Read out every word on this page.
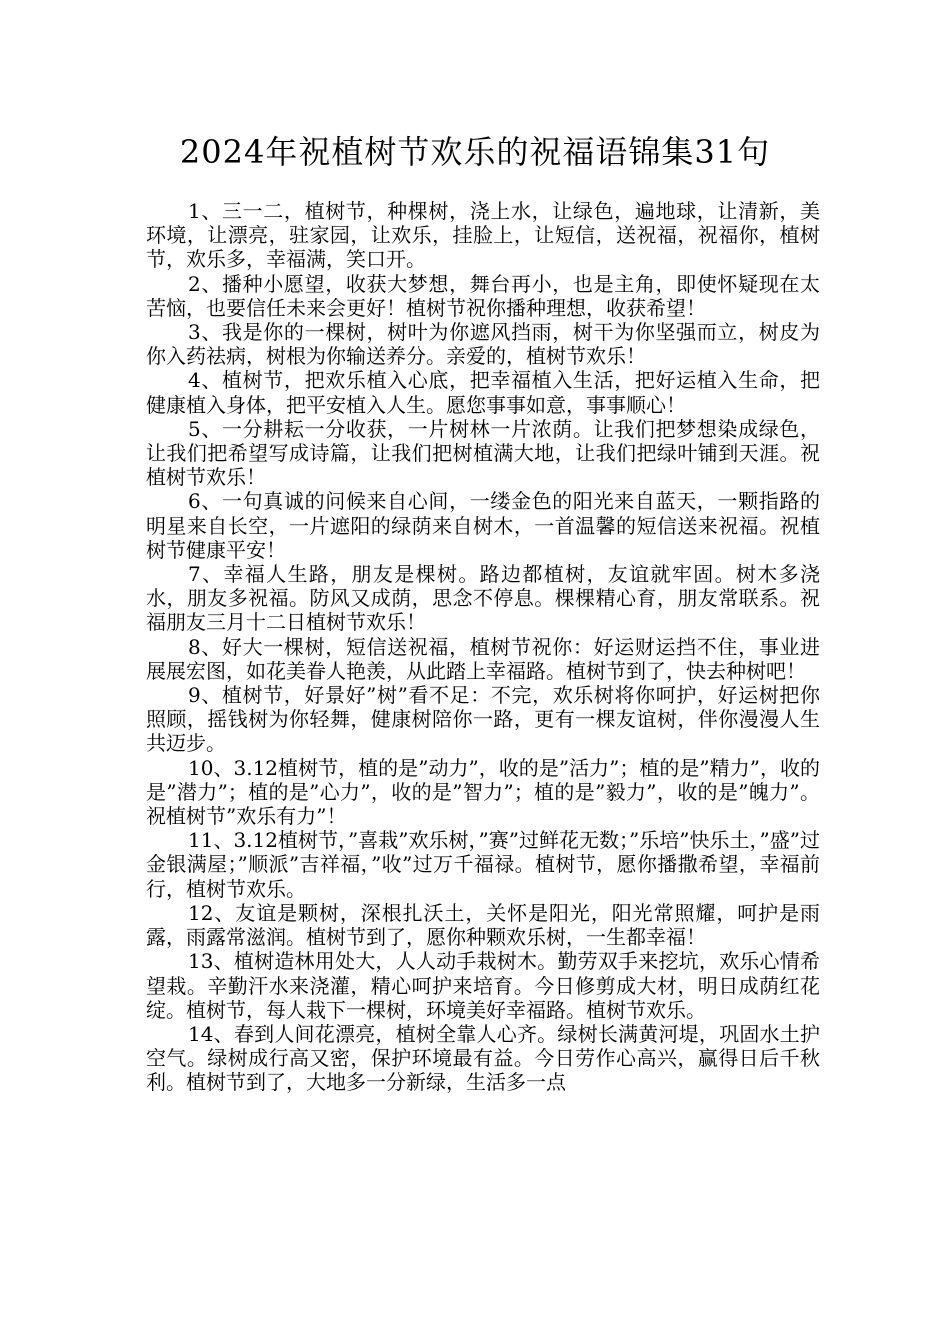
2024年祝植树节欢乐的祝福语锦集31句

1、三一二，植树节，种棵树，浇上水，让绿色，遍地球，让清新，美环境，让漂亮，驻家园，让欢乐，挂脸上，让短信，送祝福，祝福你，植树节，欢乐多，幸福满，笑口开。

2、播种小愿望，收获大梦想，舞台再小，也是主角，即使怀疑现在太苦恼，也要信任未来会更好！植树节祝你播种理想，收获希望！

3、我是你的一棵树，树叶为你遮风挡雨，树干为你坚强而立，树皮为你入药祛病，树根为你输送养分。亲爱的，植树节欢乐！

4、植树节，把欢乐植入心底，把幸福植入生活，把好运植入生命，把健康植入身体，把平安植入人生。愿您事事如意，事事顺心！

5、一分耕耘一分收获，一片树林一片浓荫。让我们把梦想染成绿色，让我们把希望写成诗篇，让我们把树植满大地，让我们把绿叶铺到天涯。祝植树节欢乐！

6、一句真诚的问候来自心间，一缕金色的阳光来自蓝天，一颗指路的明星来自长空，一片遮阳的绿荫来自树木，一首温馨的短信送来祝福。祝植树节健康平安！

7、幸福人生路，朋友是棵树。路边都植树，友谊就牢固。树木多浇水，朋友多祝福。防风又成荫，思念不停息。棵棵精心育，朋友常联系。祝福朋友三月十二日植树节欢乐！

8、好大一棵树，短信送祝福，植树节祝你：好运财运挡不住，事业进展展宏图，如花美眷人艳羡，从此踏上幸福路。植树节到了，快去种树吧！

9、植树节，好景好”树”看不足：不完，欢乐树将你呵护，好运树把你照顾，摇钱树为你轻舞，健康树陪你一路，更有一棵友谊树，伴你漫漫人生共迈步。

10、3.12植树节，植的是”动力”，收的是”活力”；植的是”精力”，收的是”潜力”；植的是”心力”，收的是”智力”；植的是”毅力”，收的是”魄力”。祝植树节”欢乐有力”！

11、3.12植树节，”喜栽”欢乐树，”赛”过鲜花无数；”乐培”快乐土，”盛”过金银满屋；”顺派”吉祥福，”收”过万千福禄。植树节，愿你播撒希望，幸福前行，植树节欢乐。

12、友谊是颗树，深根扎沃土，关怀是阳光，阳光常照耀，呵护是雨露，雨露常滋润。植树节到了，愿你种颗欢乐树，一生都幸福！

13、植树造林用处大，人人动手栽树木。勤劳双手来挖坑，欢乐心情希望栽。辛勤汗水来浇灌，精心呵护来培育。今日修剪成大材，明日成荫红花绽。植树节，每人栽下一棵树，环境美好幸福路。植树节欢乐。

14、春到人间花漂亮，植树全靠人心齐。绿树长满黄河堤，巩固水土护空气。绿树成行高又密，保护环境最有益。今日劳作心高兴，赢得日后千秋利。植树节到了，大地多一分新绿，生活多一点
